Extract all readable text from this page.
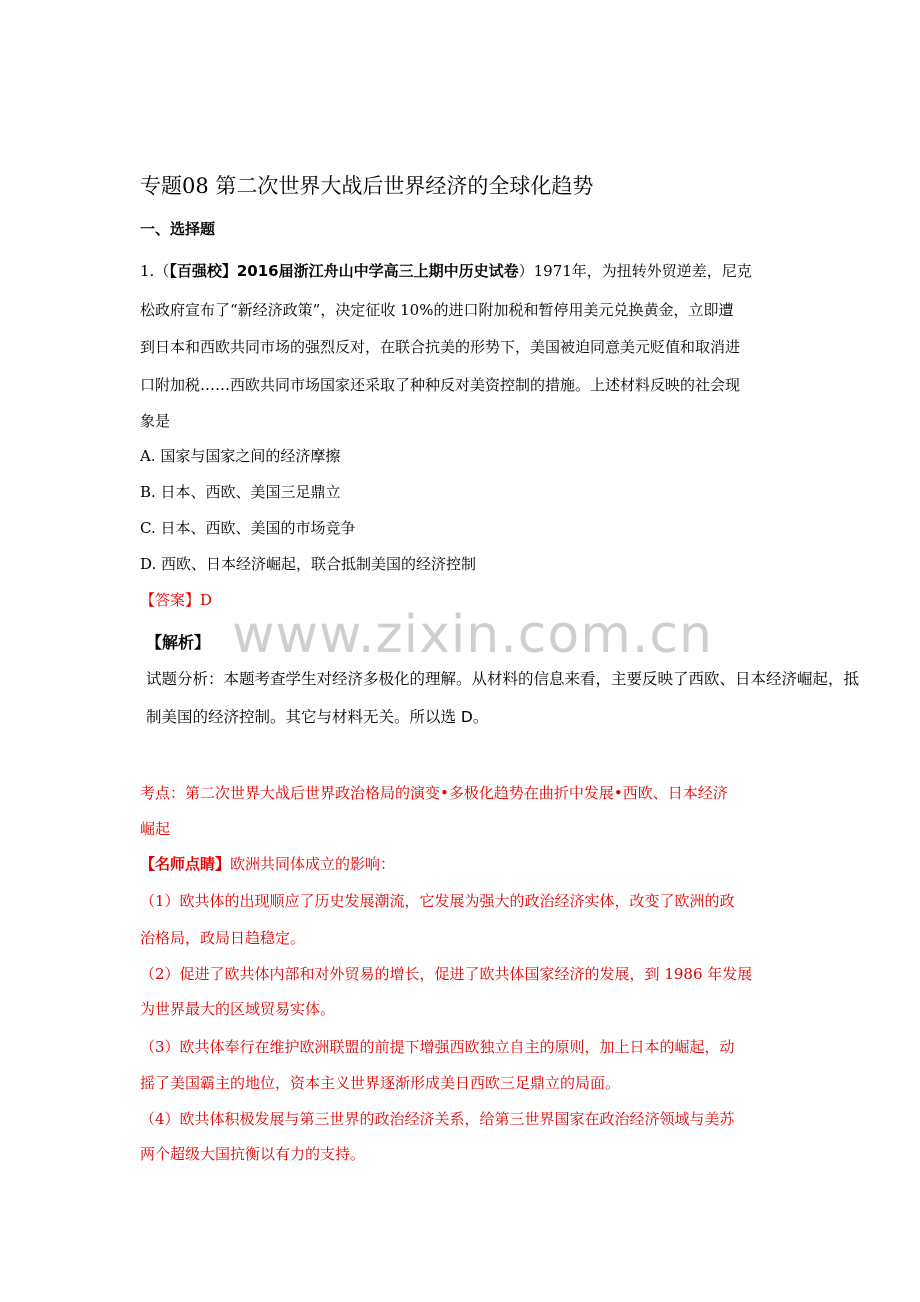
专题08 第二次世界大战后世界经济的全球化趋势
一、选择题
1.（【百强校】2016届浙江舟山中学高三上期中历史试卷）1971年，为扭转外贸逆差，尼克
松政府宣布了“新经济政策”，决定征收 10%的进口附加税和暂停用美元兑换黄金，立即遭
到日本和西欧共同市场的强烈反对，在联合抗美的形势下，美国被迫同意美元贬值和取消进
口附加税……西欧共同市场国家还采取了种种反对美资控制的措施。上述材料反映的社会现
象是
A. 国家与国家之间的经济摩擦
B. 日本、西欧、美国三足鼎立
C. 日本、西欧、美国的市场竞争
D. 西欧、日本经济崛起，联合抵制美国的经济控制
【答案】D
www.zixin.com.cn
【解析】
试题分析：本题考查学生对经济多极化的理解。从材料的信息来看，主要反映了西欧、日本经济崛起，抵
制美国的经济控制。其它与材料无关。所以选 D。
考点：第二次世界大战后世界政治格局的演变•多极化趋势在曲折中发展•西欧、日本经济
崛起
【名师点睛】欧洲共同体成立的影响：
（1）欧共体的出现顺应了历史发展潮流，它发展为强大的政治经济实体，改变了欧洲的政
治格局，政局日趋稳定。
（2）促进了欧共体内部和对外贸易的增长，促进了欧共体国家经济的发展，到 1986 年发展
为世界最大的区域贸易实体。
（3）欧共体奉行在维护欧洲联盟的前提下增强西欧独立自主的原则，加上日本的崛起，动
摇了美国霸主的地位，资本主义世界逐渐形成美日西欧三足鼎立的局面。
（4）欧共体积极发展与第三世界的政治经济关系，给第三世界国家在政治经济领域与美苏
两个超级大国抗衡以有力的支持。
